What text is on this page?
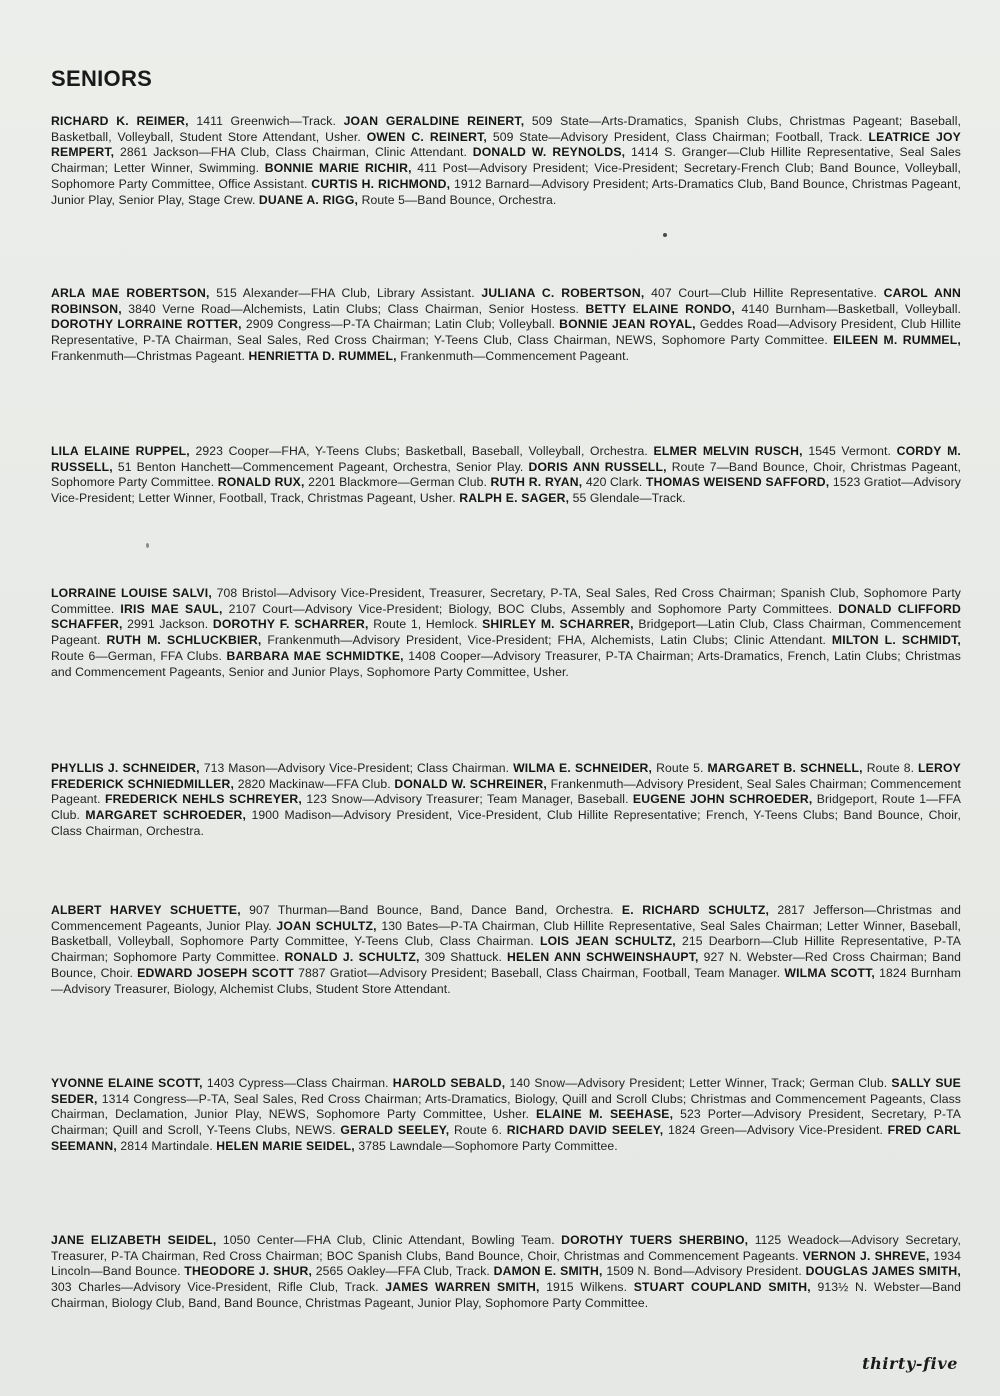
SENIORS

RICHARD K. REIMER, 1411 Greenwich—Track. JOAN GERALDINE REINERT, 509 State—Arts-Dramatics, Spanish Clubs, Christmas Pageant; Baseball, Basketball, Volleyball, Student Store Attendant, Usher. OWEN C. REINERT, 509 State—Advisory President, Class Chairman; Football, Track. LEATRICE JOY REMPERT, 2861 Jackson—FHA Club, Class Chairman, Clinic Attendant. DONALD W. REYNOLDS, 1414 S. Granger—Club Hillite Representative, Seal Sales Chairman; Letter Winner, Swimming. BONNIE MARIE RICHIR, 411 Post—Advisory President; Vice-President; Secretary-French Club; Band Bounce, Volleyball, Sophomore Party Committee, Office Assistant. CURTIS H. RICHMOND, 1912 Barnard—Advisory President; Arts-Dramatics Club, Band Bounce, Christmas Pageant, Junior Play, Senior Play, Stage Crew. DUANE A. RIGG, Route 5—Band Bounce, Orchestra.

ARLA MAE ROBERTSON, 515 Alexander—FHA Club, Library Assistant. JULIANA C. ROBERTSON, 407 Court—Club Hillite Representative. CAROL ANN ROBINSON, 3840 Verne Road—Alchemists, Latin Clubs; Class Chairman, Senior Hostess. BETTY ELAINE RONDO, 4140 Burnham—Basketball, Volleyball. DOROTHY LORRAINE ROTTER, 2909 Congress—P-TA Chairman; Latin Club; Volleyball. BONNIE JEAN ROYAL, Geddes Road—Advisory President, Club Hillite Representative, P-TA Chairman, Seal Sales, Red Cross Chairman; Y-Teens Club, Class Chairman, NEWS, Sophomore Party Committee. EILEEN M. RUMMEL, Frankenmuth—Christmas Pageant. HENRIETTA D. RUMMEL, Frankenmuth—Commencement Pageant.

LILA ELAINE RUPPEL, 2923 Cooper—FHA, Y-Teens Clubs; Basketball, Baseball, Volleyball, Orchestra. ELMER MELVIN RUSCH, 1545 Vermont. CORDY M. RUSSELL, 51 Benton Hanchett—Commencement Pageant, Orchestra, Senior Play. DORIS ANN RUSSELL, Route 7—Band Bounce, Choir, Christmas Pageant, Sophomore Party Committee. RONALD RUX, 2201 Blackmore—German Club. RUTH R. RYAN, 420 Clark. THOMAS WEISEND SAFFORD, 1523 Gratiot—Advisory Vice-President; Letter Winner, Football, Track, Christmas Pageant, Usher. RALPH E. SAGER, 55 Glendale—Track.

LORRAINE LOUISE SALVI, 708 Bristol—Advisory Vice-President, Treasurer, Secretary, P-TA, Seal Sales, Red Cross Chairman; Spanish Club, Sophomore Party Committee. IRIS MAE SAUL, 2107 Court—Advisory Vice-President; Biology, BOC Clubs, Assembly and Sophomore Party Committees. DONALD CLIFFORD SCHAFFER, 2991 Jackson. DOROTHY F. SCHARRER, Route 1, Hemlock. SHIRLEY M. SCHARRER, Bridgeport—Latin Club, Class Chairman, Commencement Pageant. RUTH M. SCHLUCKBIER, Frankenmuth—Advisory President, Vice-President; FHA, Alchemists, Latin Clubs; Clinic Attendant. MILTON L. SCHMIDT, Route 6—German, FFA Clubs. BARBARA MAE SCHMIDTKE, 1408 Cooper—Advisory Treasurer, P-TA Chairman; Arts-Dramatics, French, Latin Clubs; Christmas and Commencement Pageants, Senior and Junior Plays, Sophomore Party Committee, Usher.

PHYLLIS J. SCHNEIDER, 713 Mason—Advisory Vice-President; Class Chairman. WILMA E. SCHNEIDER, Route 5. MARGARET B. SCHNELL, Route 8. LEROY FREDERICK SCHNIEDMILLER, 2820 Mackinaw—FFA Club. DONALD W. SCHREINER, Frankenmuth—Advisory President, Seal Sales Chairman; Commencement Pageant. FREDERICK NEHLS SCHREYER, 123 Snow—Advisory Treasurer; Team Manager, Baseball. EUGENE JOHN SCHROEDER, Bridgeport, Route 1—FFA Club. MARGARET SCHROEDER, 1900 Madison—Advisory President, Vice-President, Club Hillite Representative; French, Y-Teens Clubs; Band Bounce, Choir, Class Chairman, Orchestra.

ALBERT HARVEY SCHUETTE, 907 Thurman—Band Bounce, Band, Dance Band, Orchestra. E. RICHARD SCHULTZ, 2817 Jefferson—Christmas and Commencement Pageants, Junior Play. JOAN SCHULTZ, 130 Bates—P-TA Chairman, Club Hillite Representative, Seal Sales Chairman; Letter Winner, Baseball, Basketball, Volleyball, Sophomore Party Committee, Y-Teens Club, Class Chairman. LOIS JEAN SCHULTZ, 215 Dearborn—Club Hillite Representative, P-TA Chairman; Sophomore Party Committee. RONALD J. SCHULTZ, 309 Shattuck. HELEN ANN SCHWEINSHAUPT, 927 N. Webster—Red Cross Chairman; Band Bounce, Choir. EDWARD JOSEPH SCOTT 7887 Gratiot—Advisory President; Baseball, Class Chairman, Football, Team Manager. WILMA SCOTT, 1824 Burnham—Advisory Treasurer, Biology, Alchemist Clubs, Student Store Attendant.

YVONNE ELAINE SCOTT, 1403 Cypress—Class Chairman. HAROLD SEBALD, 140 Snow—Advisory President; Letter Winner, Track; German Club. SALLY SUE SEDER, 1314 Congress—P-TA, Seal Sales, Red Cross Chairman; Arts-Dramatics, Biology, Quill and Scroll Clubs; Christmas and Commencement Pageants, Class Chairman, Declamation, Junior Play, NEWS, Sophomore Party Committee, Usher. ELAINE M. SEEHASE, 523 Porter—Advisory President, Secretary, P-TA Chairman; Quill and Scroll, Y-Teens Clubs, NEWS. GERALD SEELEY, Route 6. RICHARD DAVID SEELEY, 1824 Green—Advisory Vice-President. FRED CARL SEEMANN, 2814 Martindale. HELEN MARIE SEIDEL, 3785 Lawndale—Sophomore Party Committee.

JANE ELIZABETH SEIDEL, 1050 Center—FHA Club, Clinic Attendant, Bowling Team. DOROTHY TUERS SHERBINO, 1125 Weadock—Advisory Secretary, Treasurer, P-TA Chairman, Red Cross Chairman; BOC Spanish Clubs, Band Bounce, Choir, Christmas and Commencement Pageants. VERNON J. SHREVE, 1934 Lincoln—Band Bounce. THEODORE J. SHUR, 2565 Oakley—FFA Club, Track. DAMON E. SMITH, 1509 N. Bond—Advisory President. DOUGLAS JAMES SMITH, 303 Charles—Advisory Vice-President, Rifle Club, Track. JAMES WARREN SMITH, 1915 Wilkens. STUART COUPLAND SMITH, 913½ N. Webster—Band Chairman, Biology Club, Band, Band Bounce, Christmas Pageant, Junior Play, Sophomore Party Committee.

thirty-five
